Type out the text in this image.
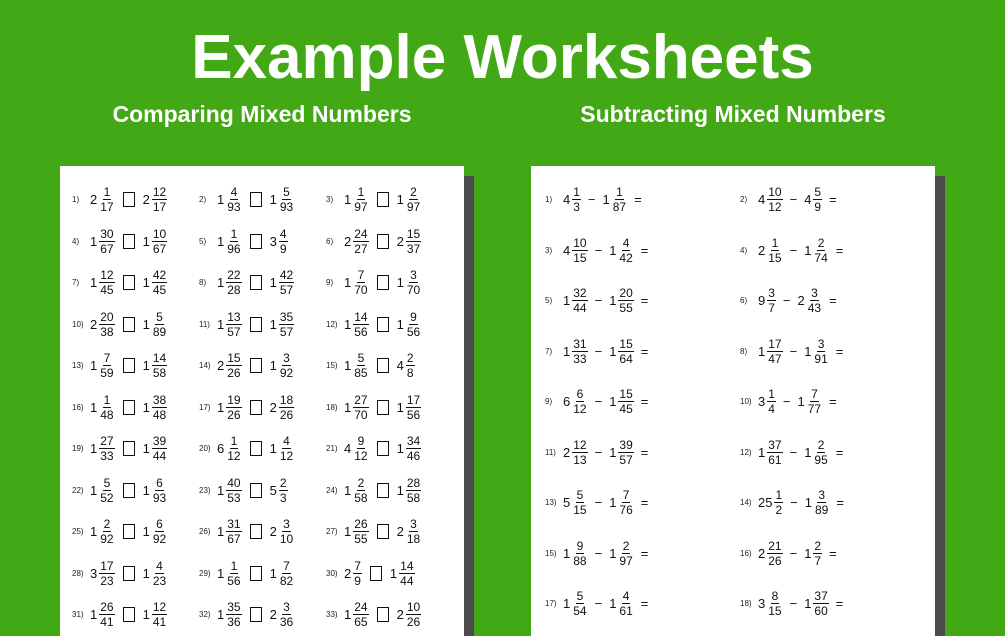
Example Worksheets
Comparing Mixed Numbers	Subtracting Mixed Numbers
1) $2 \frac{1}{17} 2 \frac{12}{17}$	2) $1 \frac{4}{93} 1 \frac{5}{93}$	3) $1 \frac{1}{97} 1 \frac{2}{97}$
4) $1 \frac{30}{67} 1 \frac{10}{67}$	5) $1 \frac{1}{96} 3 \frac{4}{9}$	6) $2 \frac{24}{27} 2 \frac{15}{37}$
7) $1 \frac{12}{45} 1 \frac{42}{45}$	8) $1 \frac{22}{28} 1 \frac{42}{57}$	9) $1 \frac{7}{70} 1 \frac{3}{70}$
10) $2 \frac{20}{38} 1 \frac{5}{89}$	11) $1 \frac{13}{57} 1 \frac{35}{57}$	12) $1 \frac{14}{56} 1 \frac{9}{56}$
13) $1 \frac{7}{59} 1 \frac{14}{58}$	14) $2 \frac{15}{26} 1 \frac{3}{92}$	15) $1 \frac{5}{85} 4 \frac{2}{8}$
16) $1 \frac{1}{48} 1 \frac{38}{48}$	17) $1 \frac{19}{26} 2 \frac{18}{26}$	18) $1 \frac{27}{70} 1 \frac{17}{56}$
19) $1 \frac{27}{33} 1 \frac{39}{44}$	20) $6 \frac{1}{12} 1 \frac{4}{12}$	21) $4 \frac{9}{12} 1 \frac{34}{46}$
22) $1 \frac{5}{52} 1 \frac{6}{93}$	23) $1 \frac{40}{53} 5 \frac{2}{3}$	24) $1 \frac{2}{58} 1 \frac{28}{58}$
25) $1 \frac{2}{92} 1 \frac{6}{92}$	26) $1 \frac{31}{67} 2 \frac{3}{10}$	27) $1 \frac{26}{55} 2 \frac{3}{18}$
28) $3 \frac{17}{23} 1 \frac{4}{23}$	29) $1 \frac{1}{56} 1 \frac{7}{82}$	30) $2 \frac{7}{9} 1 \frac{14}{44}$
31) $1 \frac{26}{41} 1 \frac{12}{41}$	32) $1 \frac{35}{36} 2 \frac{3}{36}$	33) $1 \frac{24}{65} 2 \frac{10}{26}$
1) $4 \frac{1}{3} - 1 \frac{1}{87}$ =	2) $4 \frac{10}{12} - 4 \frac{5}{9}$ =
3) $4 \frac{10}{15} - 1 \frac{4}{42}$ =	4) $2 \frac{1}{15} - 1 \frac{2}{74}$ =
5) $1 \frac{32}{44} - 1 \frac{20}{55}$ =	6) $9 \frac{3}{7} - 2 \frac{3}{43}$ =
7) $1 \frac{31}{33} - 1 \frac{15}{64}$ =	8) $1 \frac{17}{47} - 1 \frac{3}{91}$ =
9) $6 \frac{6}{12} - 1 \frac{15}{45}$ =	10) $3 \frac{1}{4} - 1 \frac{7}{77}$ =
11) $2 \frac{12}{13} - 1 \frac{39}{57}$ =	12) $1 \frac{37}{61} - 1 \frac{2}{95}$ =
13) $5 \frac{5}{15} - 1 \frac{7}{76}$ =	14) $25 \frac{1}{2} - 1 \frac{3}{89}$ =
15) $1 \frac{9}{88} - 1 \frac{2}{97}$ =	16) $2 \frac{21}{26} - 1 \frac{2}{7}$ =
17) $1 \frac{5}{54} - 1 \frac{4}{61}$ =	18) $3 \frac{8}{15} - 1 \frac{37}{60}$ =
